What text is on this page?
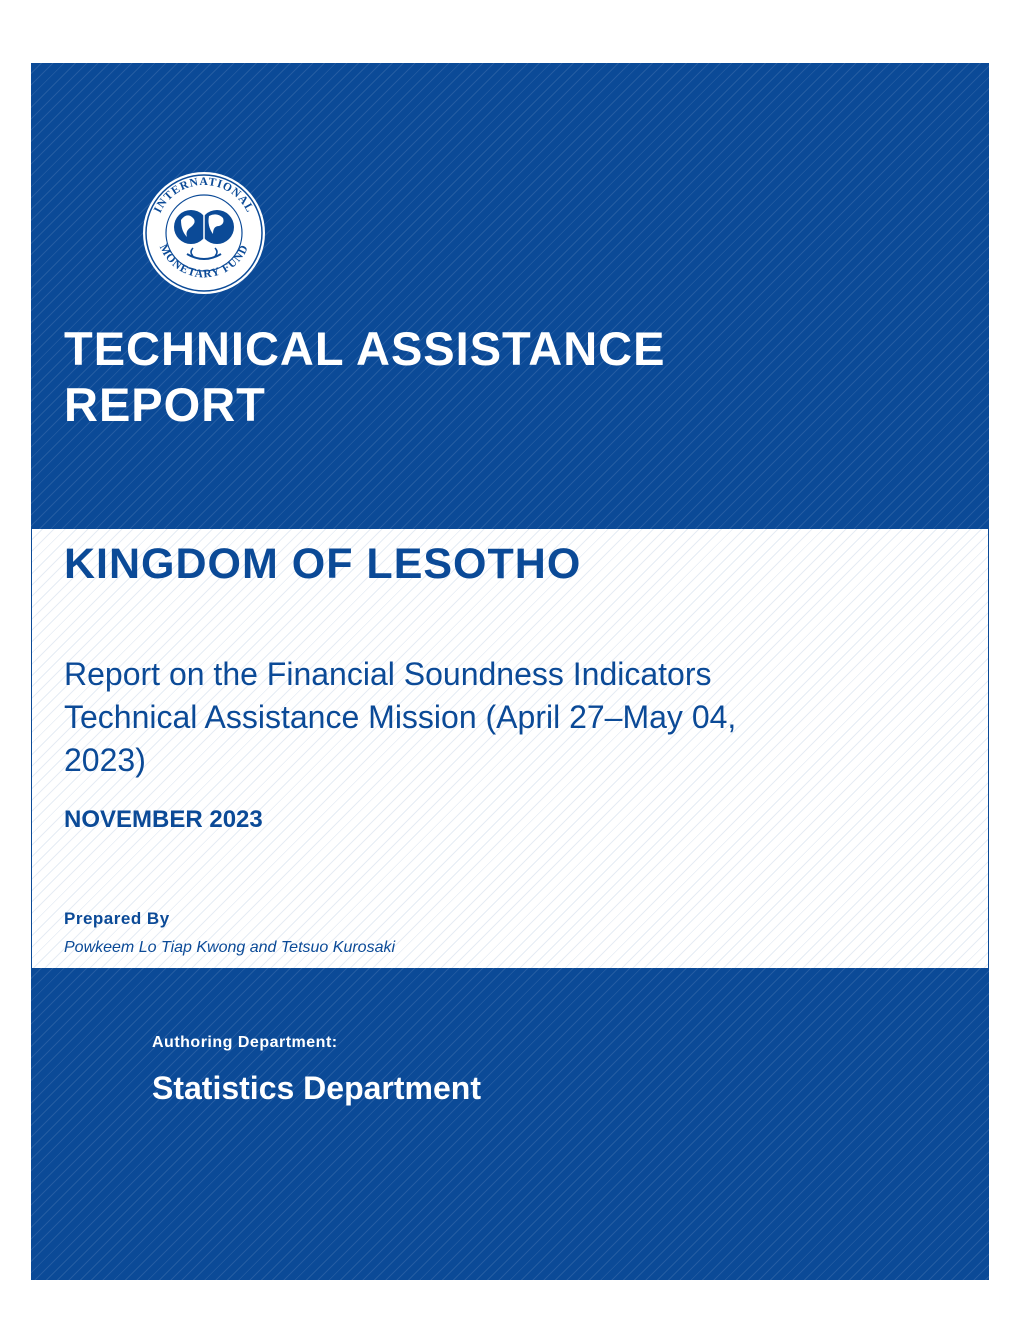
INTERNATIONAL
MONETARY FUND
TECHNICAL ASSISTANCE
REPORT
KINGDOM OF LESOTHO
Report on the Financial Soundness Indicators Technical Assistance Mission (April 27–May 04, 2023)
NOVEMBER 2023
Prepared By
Powkeem Lo Tiap Kwong and Tetsuo Kurosaki
Authoring Department:
Statistics Department
